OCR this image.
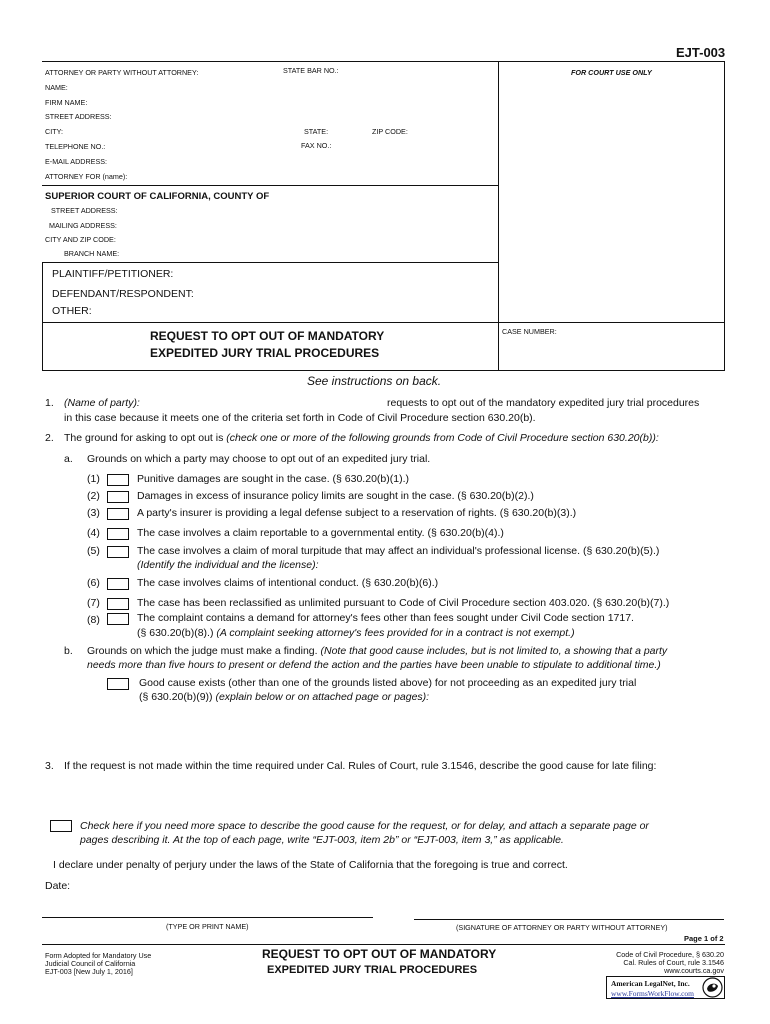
EJT-003
ATTORNEY OR PARTY WITHOUT ATTORNEY:	STATE BAR NO.:	FOR COURT USE ONLY
NAME:
FIRM NAME:
STREET ADDRESS:
CITY:	STATE:	ZIP CODE:
TELEPHONE NO.:	FAX NO.:
E-MAIL ADDRESS:
ATTORNEY FOR (name):
SUPERIOR COURT OF CALIFORNIA, COUNTY OF
STREET ADDRESS:
MAILING ADDRESS:
CITY AND ZIP CODE:
BRANCH NAME:
PLAINTIFF/PETITIONER:
DEFENDANT/RESPONDENT:
OTHER:
REQUEST TO OPT OUT OF MANDATORY
EXPEDITED JURY TRIAL PROCEDURES
CASE NUMBER:
See instructions on back.
1. (Name of party):	requests to opt out of the mandatory expedited jury trial procedures
in this case because it meets one of the criteria set forth in Code of Civil Procedure section 630.20(b).
2. The ground for asking to opt out is (check one or more of the following grounds from Code of Civil Procedure section 630.20(b)):
a. Grounds on which a party may choose to opt out of an expedited jury trial.
(1)	Punitive damages are sought in the case. (§ 630.20(b)(1).)
(2)	Damages in excess of insurance policy limits are sought in the case. (§ 630.20(b)(2).)
(3)	A party's insurer is providing a legal defense subject to a reservation of rights. (§ 630.20(b)(3).)
(4)	The case involves a claim reportable to a governmental entity. (§ 630.20(b)(4).)
(5)	The case involves a claim of moral turpitude that may affect an individual's professional license. (§ 630.20(b)(5).)
(Identify the individual and the license):
(6)	The case involves claims of intentional conduct. (§ 630.20(b)(6).)
(7)	The case has been reclassified as unlimited pursuant to Code of Civil Procedure section 403.020. (§ 630.20(b)(7).)
(8)	The complaint contains a demand for attorney's fees other than fees sought under Civil Code section 1717.
(§ 630.20(b)(8).) (A complaint seeking attorney's fees provided for in a contract is not exempt.)
b. Grounds on which the judge must make a finding. (Note that good cause includes, but is not limited to, a showing that a party
needs more than five hours to present or defend the action and the parties have been unable to stipulate to additional time.)
Good cause exists (other than one of the grounds listed above) for not proceeding as an expedited jury trial
(§ 630.20(b)(9)) (explain below or on attached page or pages):
3. If the request is not made within the time required under Cal. Rules of Court, rule 3.1546, describe the good cause for late filing:
Check here if you need more space to describe the good cause for the request, or for delay, and attach a separate page or
pages describing it. At the top of each page, write “EJT-003, item 2b” or “EJT-003, item 3,” as applicable.
I declare under penalty of perjury under the laws of the State of California that the foregoing is true and correct.
Date:
(TYPE OR PRINT NAME)	(SIGNATURE OF ATTORNEY OR PARTY WITHOUT ATTORNEY)
Page 1 of 2
Form Adopted for Mandatory Use
Judicial Council of California
EJT-003 [New July 1, 2016]
REQUEST TO OPT OUT OF MANDATORY
EXPEDITED JURY TRIAL PROCEDURES
Code of Civil Procedure, § 630.20
Cal. Rules of Court, rule 3.1546
www.courts.ca.gov
American LegalNet, Inc.
www.FormsWorkFlow.com
